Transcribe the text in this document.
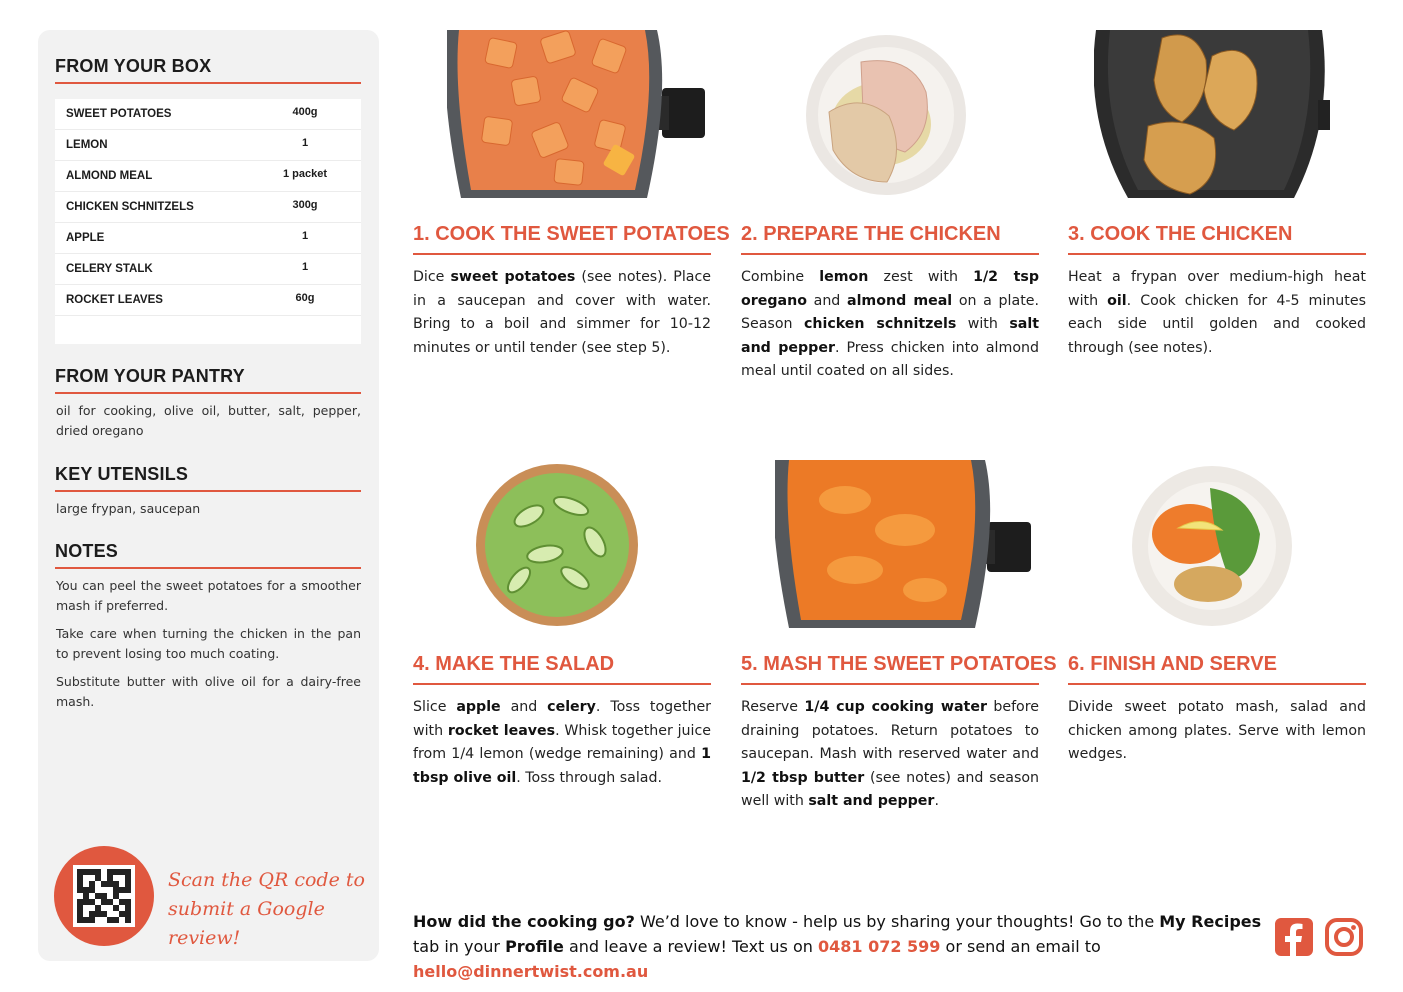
FROM YOUR BOX
SWEET POTATOES	400g
LEMON	1
ALMOND MEAL	1 packet
CHICKEN SCHNITZELS	300g
APPLE	1
CELERY STALK	1
ROCKET LEAVES	60g
FROM YOUR PANTRY
oil for cooking, olive oil, butter, salt, pepper, dried oregano
KEY UTENSILS
large frypan, saucepan
NOTES

You can peel the sweet potatoes for a smoother mash if preferred.

Take care when turning the chicken in the pan to prevent losing too much coating.

Substitute butter with olive oil for a dairy-free mash.

Scan the QR code to
submit a Google review!
1. COOK THE SWEET POTATOES
Dice sweet potatoes (see notes). Place in a saucepan and cover with water. Bring to a boil and simmer for 10-12 minutes or until tender (see step 5).
2. PREPARE THE CHICKEN
Combine lemon zest with 1/2 tsp oregano and almond meal on a plate. Season chicken schnitzels with salt and pepper. Press chicken into almond meal until coated on all sides.
3. COOK THE CHICKEN
Heat a frypan over medium-high heat with oil. Cook chicken for 4-5 minutes each side until golden and cooked through (see notes).
4. MAKE THE SALAD
Slice apple and celery. Toss together with rocket leaves. Whisk together juice from 1/4 lemon (wedge remaining) and 1 tbsp olive oil. Toss through salad.
5. MASH THE SWEET POTATOES
Reserve 1/4 cup cooking water before draining potatoes. Return potatoes to saucepan. Mash with reserved water and 1/2 tbsp butter (see notes) and season well with salt and pepper.
6. FINISH AND SERVE
Divide sweet potato mash, salad and chicken among plates. Serve with lemon wedges.
How did the cooking go? We’d love to know - help us by sharing your thoughts! Go to the My Recipes tab in your Profile and leave a review! Text us on 0481 072 599 or send an email to hello@dinnertwist.com.au
